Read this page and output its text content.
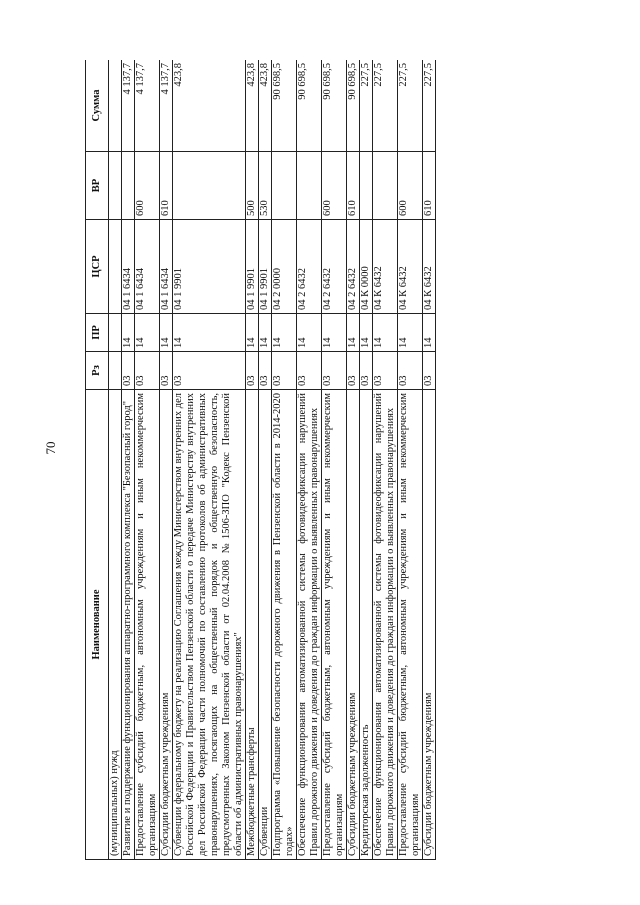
70
Наименование	Рз	ПР	ЦСР	ВР	Сумма
(муниципальных) нужд					
Развитие и поддержание функционирования аппаратно-программного комплекса "Безопасный город"	03	14	04 1 6434		4 137,7
Предоставление субсидий бюджетным, автономным учреждениям и иным некоммерческим организациям	03	14	04 1 6434	600	4 137,7
Субсидии бюджетным учреждениям	03	14	04 1 6434	610	4 137,7
Субвенции федеральному бюджету на реализацию Соглашения между Министерством внутренних дел Российской Федерации и Правительством Пензенской области о передаче Министерству внутренних дел Российской Федерации части полномочий по составлению протоколов об административных правонарушениях, посягающих на общественный порядок и общественную безопасность, предусмотренных Законом Пензенской области от 02.04.2008 №1506-ЗПО "Кодекс Пензенской области об административных правонарушениях"	03	14	04 1 9901		423,8
Межбюджетные трансферты	03	14	04 1 9901	500	423,8
Субвенции	03	14	04 1 9901	530	423,8
Подпрограмма «Повышение безопасности дорожного движения в Пензенской области в 2014-2020 годах»	03	14	04 2 0000		90 698,5
Обеспечение функционирования автоматизированной системы фотовидеофиксации нарушений Правил дорожного движения и доведения до граждан информации о выявленных правонарушениях	03	14	04 2 6432		90 698,5
Предоставление субсидий бюджетным, автономным учреждениям и иным некоммерческим организациям	03	14	04 2 6432	600	90 698,5
Субсидии бюджетным учреждениям	03	14	04 2 6432	610	90 698,5
Кредиторская задолженность	03	14	04 К 0000		227,5
Обеспечение функционирования автоматизированной системы фотовидеофиксации нарушений Правил дорожного движения и доведения до граждан информации о выявленных правонарушениях	03	14	04 К 6432		227,5
Предоставление субсидий бюджетным, автономным учреждениям и иным некоммерческим организациям	03	14	04 К 6432	600	227,5
Субсидии бюджетным учреждениям	03	14	04 К 6432	610	227,5
